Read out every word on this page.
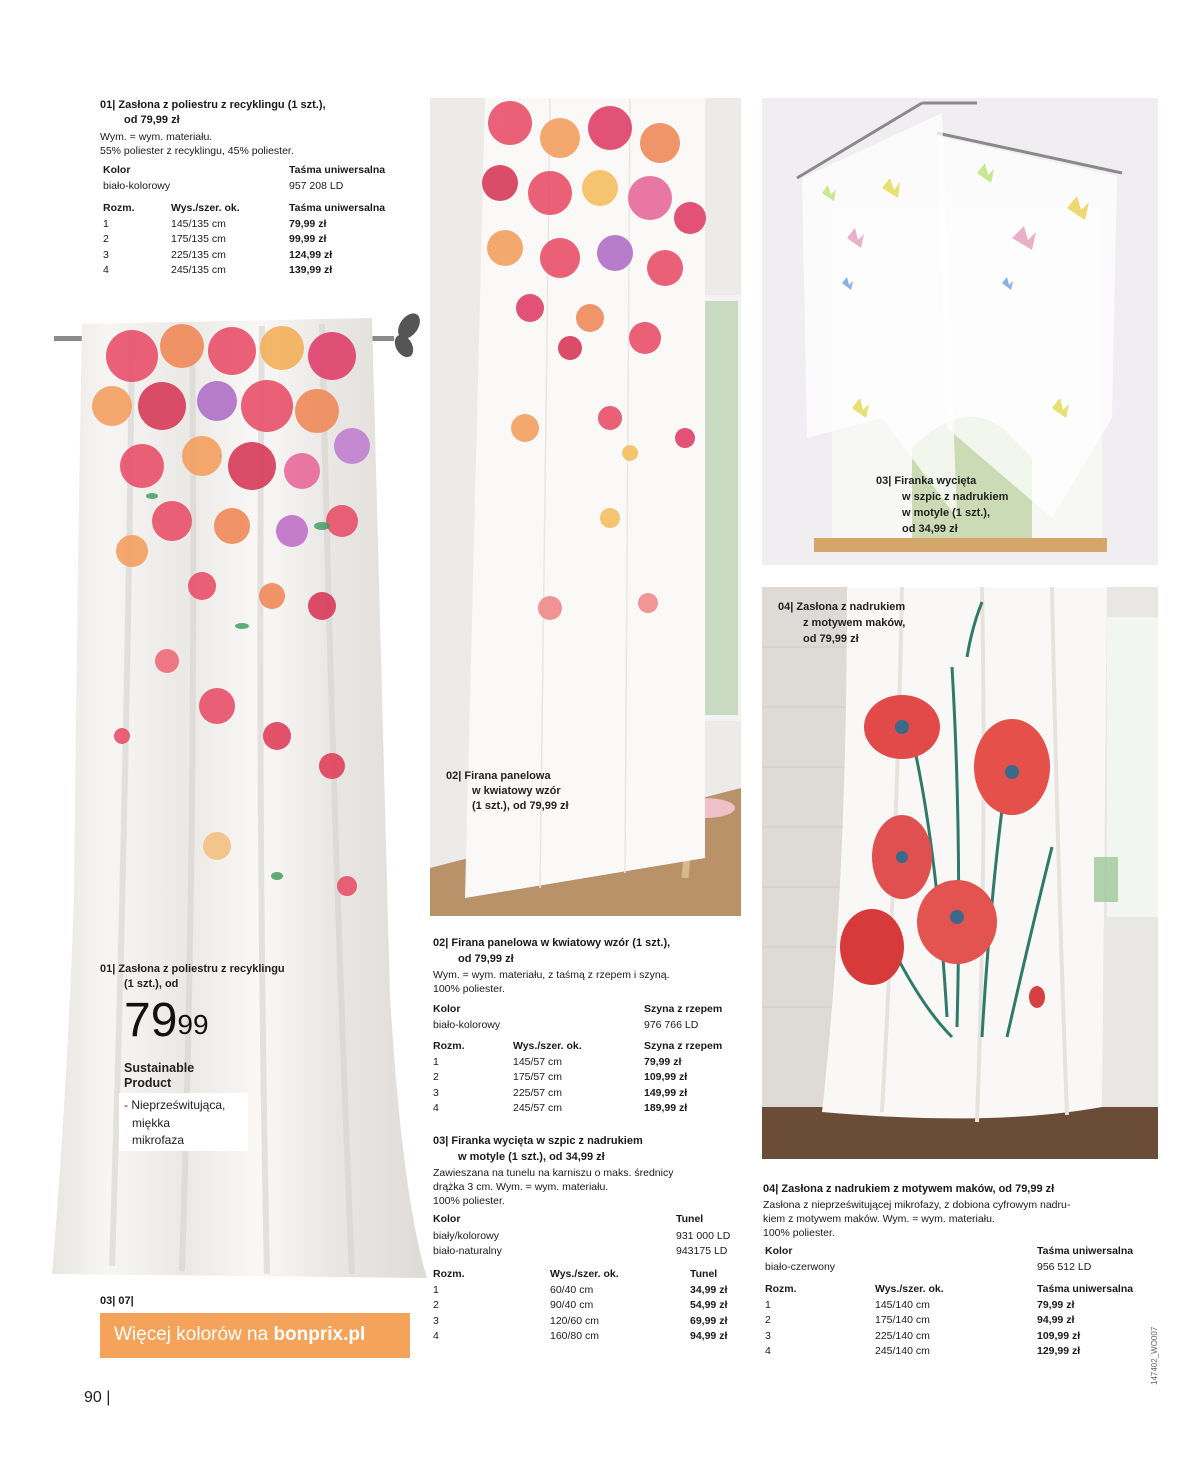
01| Zasłona z poliestru z recyklingu (1 szt.),
od 79,99 zł
Wym. = wym. materiału.
55% poliester z recyklingu, 45% poliester.
Kolor	Taśma uniwersalna
biało-kolorowy	957 208 LD
Rozm.	Wys./szer. ok.	Taśma uniwersalna
1	145/135 cm	79,99 zł
2	175/135 cm	99,99 zł
3	225/135 cm	124,99 zł
4	245/135 cm	139,99 zł
01| Zasłona z poliestru z recyklingu
(1 szt.), od
$79^{99}$
Sustainable
Product
- Nieprześwitująca,
miękka
mikrofaza
02| Firana panelowa
w kwiatowy wzór
(1 szt.), od 79,99 zł
03| Firanka wycięta
w szpic z nadrukiem
w motyle (1 szt.),
od 34,99 zł
04| Zasłona z nadrukiem
z motywem maków,
od 79,99 zł
02| Firana panelowa w kwiatowy wzór (1 szt.),
od 79,99 zł
Wym. = wym. materiału, z taśmą z rzepem i szyną.
100% poliester.
Kolor	Szyna z rzepem
biało-kolorowy	976 766 LD
Rozm.	Wys./szer. ok.	Szyna z rzepem
1	145/57 cm	79,99 zł
2	175/57 cm	109,99 zł
3	225/57 cm	149,99 zł
4	245/57 cm	189,99 zł
03| Firanka wycięta w szpic z nadrukiem
w motyle (1 szt.), od 34,99 zł
Zawieszana na tunelu na karniszu o maks. średnicy
drążka 3 cm. Wym. = wym. materiału.
100% poliester.
Kolor	Tunel
biały/kolorowy	931 000 LD
biało-naturalny	943175 LD
Rozm.	Wys./szer. ok.	Tunel
1	60/40 cm	34,99 zł
2	90/40 cm	54,99 zł
3	120/60 cm	69,99 zł
4	160/80 cm	94,99 zł
04| Zasłona z nadrukiem z motywem maków, od 79,99 zł
Zasłona z nieprześwitującej mikrofazy, z dobiona cyfrowym nadru-
kiem z motywem maków. Wym. = wym. materiału.
100% poliester.
Kolor	Taśma uniwersalna
biało-czerwony	956 512 LD
Rozm.	Wys./szer. ok.	Taśma uniwersalna
1	145/140 cm	79,99 zł
2	175/140 cm	94,99 zł
3	225/140 cm	109,99 zł
4	245/140 cm	129,99 zł
03| 07|
Więcej kolorów na bonprix.pl
90 |
147402_WO007
